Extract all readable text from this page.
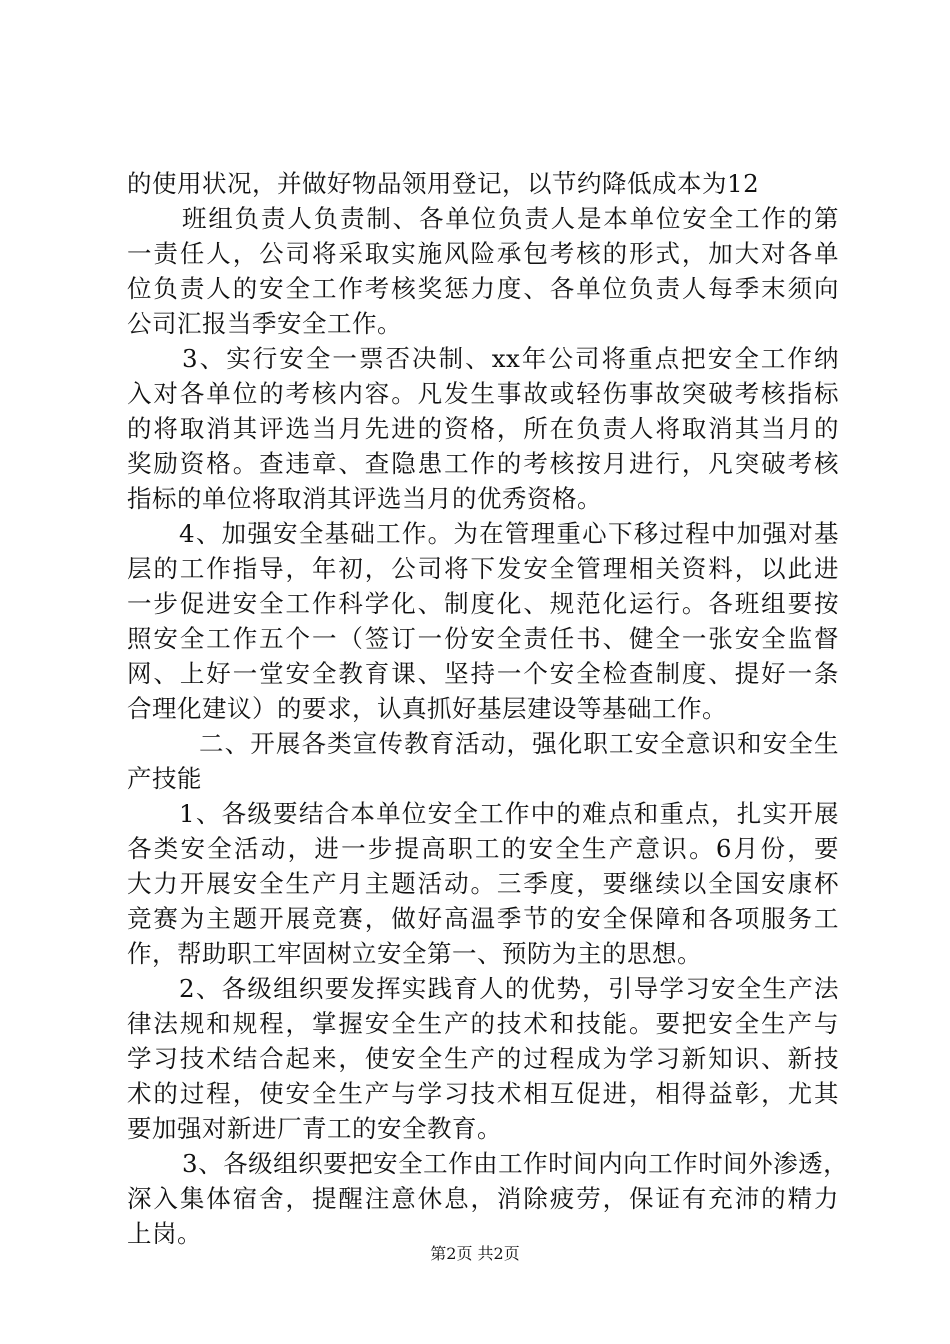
的使用状况，并做好物品领用登记，以节约降低成本为12
班组负责人负责制、各单位负责人是本单位安全工作的第
一责任人，公司将采取实施风险承包考核的形式，加大对各单
位负责人的安全工作考核奖惩力度、各单位负责人每季末须向
公司汇报当季安全工作。
3、实行安全一票否决制、xx年公司将重点把安全工作纳
入对各单位的考核内容。凡发生事故或轻伤事故突破考核指标
的将取消其评选当月先进的资格，所在负责人将取消其当月的
奖励资格。查违章、查隐患工作的考核按月进行，凡突破考核
指标的单位将取消其评选当月的优秀资格。
4、加强安全基础工作。为在管理重心下移过程中加强对基
层的工作指导，年初，公司将下发安全管理相关资料，以此进
一步促进安全工作科学化、制度化、规范化运行。各班组要按
照安全工作五个一（签订一份安全责任书、健全一张安全监督
网、上好一堂安全教育课、坚持一个安全检查制度、提好一条
合理化建议）的要求，认真抓好基层建设等基础工作。
二、开展各类宣传教育活动，强化职工安全意识和安全生
产技能
1、各级要结合本单位安全工作中的难点和重点，扎实开展
各类安全活动，进一步提高职工的安全生产意识。6月份，要
大力开展安全生产月主题活动。三季度，要继续以全国安康杯
竞赛为主题开展竞赛，做好高温季节的安全保障和各项服务工
作，帮助职工牢固树立安全第一、预防为主的思想。
2、各级组织要发挥实践育人的优势，引导学习安全生产法
律法规和规程，掌握安全生产的技术和技能。要把安全生产与
学习技术结合起来，使安全生产的过程成为学习新知识、新技
术的过程，使安全生产与学习技术相互促进，相得益彰，尤其
要加强对新进厂青工的安全教育。
3、各级组织要把安全工作由工作时间内向工作时间外渗透，
深入集体宿舍，提醒注意休息，消除疲劳，保证有充沛的精力
上岗。
第2页 共2页
